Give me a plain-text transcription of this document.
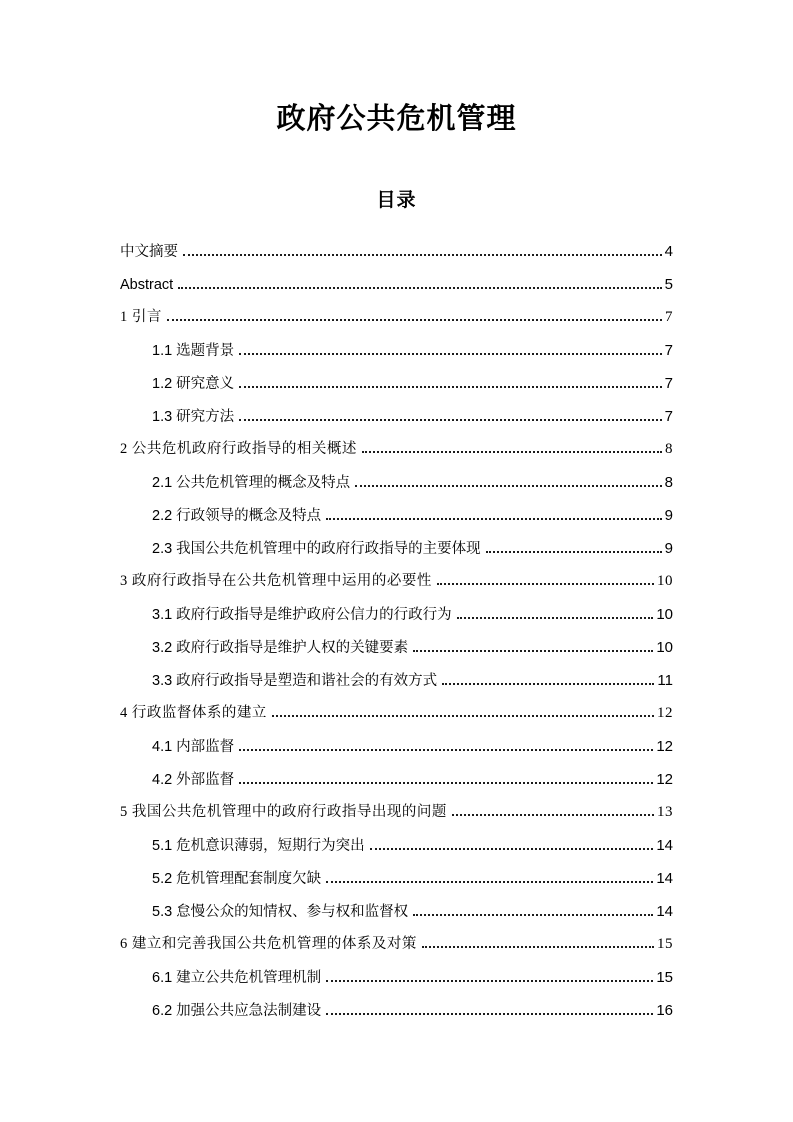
政府公共危机管理
目录
中文摘要	4
Abstract	5
1 引言	7
1.1 选题背景	7
1.2 研究意义	7
1.3 研究方法	7
2 公共危机政府行政指导的相关概述	8
2.1 公共危机管理的概念及特点	8
2.2 行政领导的概念及特点	9
2.3 我国公共危机管理中的政府行政指导的主要体现	9
3 政府行政指导在公共危机管理中运用的必要性	10
3.1 政府行政指导是维护政府公信力的行政行为	10
3.2 政府行政指导是维护人权的关键要素	10
3.3 政府行政指导是塑造和谐社会的有效方式	11
4 行政监督体系的建立	12
4.1 内部监督	12
4.2 外部监督	12
5 我国公共危机管理中的政府行政指导出现的问题	13
5.1 危机意识薄弱，短期行为突出	14
5.2 危机管理配套制度欠缺	14
5.3 怠慢公众的知情权、参与权和监督权	14
6 建立和完善我国公共危机管理的体系及对策	15
6.1 建立公共危机管理机制	15
6.2 加强公共应急法制建设	16
